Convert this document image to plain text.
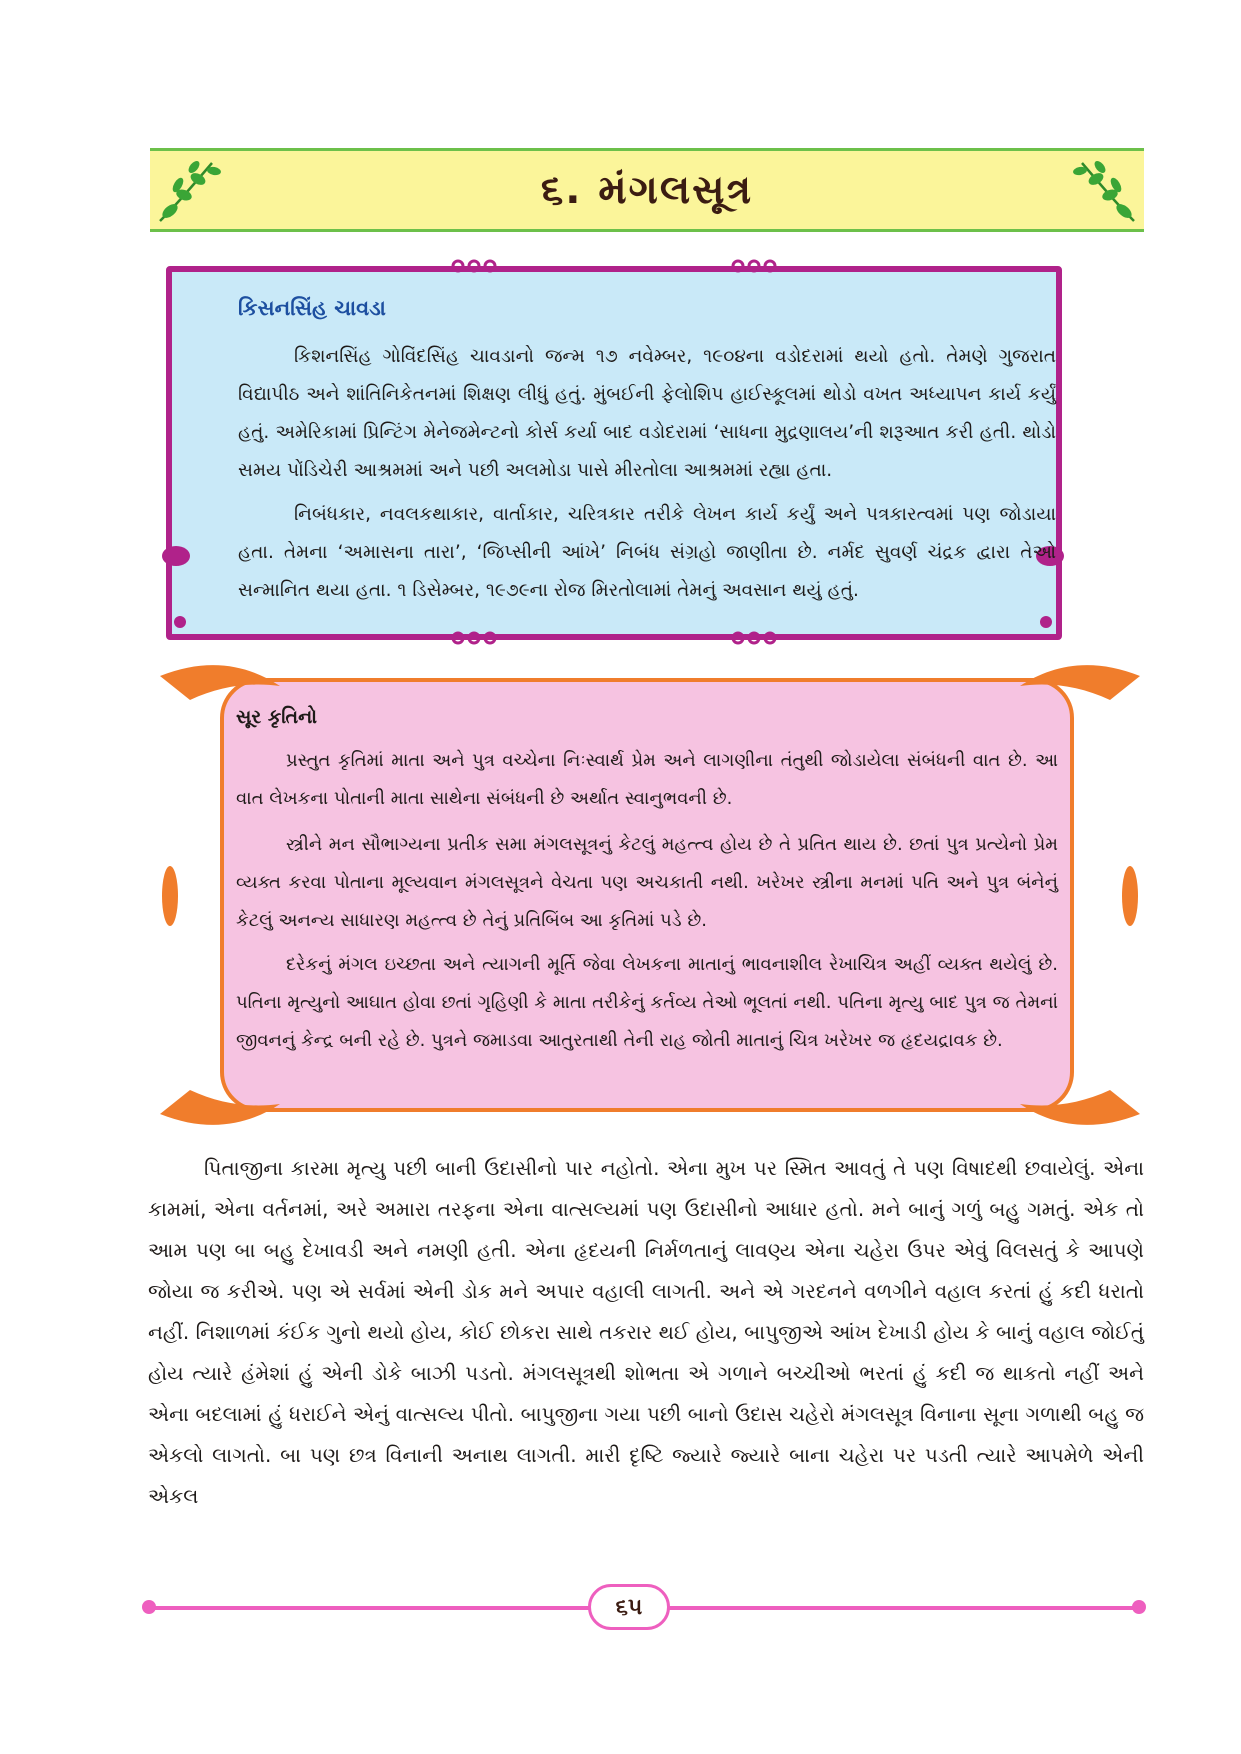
૬. મંગલસૂત્ર
કિસનસિંહ ચાવડા

કિશનસિંહ ગોવિંદસિંહ ચાવડાનો જન્મ ૧૭ નવેમ્બર, ૧૯૦૪ના વડોદરામાં થયો હતો. તેમણે ગુજરાત વિદ્યાપીઠ અને શાંતિનિકેતનમાં શિક્ષણ લીધું હતું. મુંબઈની ફેલોશિપ હાઈસ્કૂલમાં થોડો વખત અધ્યાપન કાર્ય કર્યું હતું. અમેરિકામાં પ્રિન્ટિંગ મેનેજમેન્ટનો કોર્સ કર્યા બાદ વડોદરામાં ‘સાધના મુદ્રણાલય’ની શરૂઆત કરી હતી. થોડો સમય પોંડિચેરી આશ્રમમાં અને પછી અલમોડા પાસે મીરતોલા આશ્રમમાં રહ્યા હતા.

નિબંધકાર, નવલકથાકાર, વાર્તાકાર, ચરિત્રકાર તરીકે લેખન કાર્ય કર્યું અને પત્રકારત્વમાં પણ જોડાયા હતા. તેમના ‘અમાસના તારા’, ‘જિપ્સીની આંખે’ નિબંધ સંગ્રહો જાણીતા છે. નર્મદ સુવર્ણ ચંદ્રક દ્વારા તેઓ સન્માનિત થયા હતા. ૧ ડિસેમ્બર, ૧૯૭૯ના રોજ મિરતોલામાં તેમનું અવસાન થયું હતું.

સૂર કૃતિનો

પ્રસ્તુત કૃતિમાં માતા અને પુત્ર વચ્ચેના નિઃસ્વાર્થ પ્રેમ અને લાગણીના તંતુથી જોડાયેલા સંબંધની વાત છે. આ વાત લેખકના પોતાની માતા સાથેના સંબંધની છે અર્થાત સ્વાનુભવની છે.

સ્ત્રીને મન સૌભાગ્યના પ્રતીક સમા મંગલસૂત્રનું કેટલું મહત્ત્વ હોય છે તે પ્રતિત થાય છે. છતાં પુત્ર પ્રત્યેનો પ્રેમ વ્યક્ત કરવા પોતાના મૂલ્યવાન મંગલસૂત્રને વેચતા પણ અચકાતી નથી. ખરેખર સ્ત્રીના મનમાં પતિ અને પુત્ર બંનેનું કેટલું અનન્ય સાધારણ મહત્ત્વ છે તેનું પ્રતિબિંબ આ કૃતિમાં પડે છે.

દરેકનું મંગલ ઇચ્છતા અને ત્યાગની મૂર્તિ જેવા લેખકના માતાનું ભાવનાશીલ રેખાચિત્ર અહીં વ્યક્ત થયેલું છે. પતિના મૃત્યુનો આઘાત હોવા છતાં ગૃહિણી કે માતા તરીકેનું કર્તવ્ય તેઓ ભૂલતાં નથી. પતિના મૃત્યુ બાદ પુત્ર જ તેમનાં જીવનનું કેન્દ્ર બની રહે છે. પુત્રને જમાડવા આતુરતાથી તેની રાહ જોતી માતાનું ચિત્ર ખરેખર જ હૃદયદ્રાવક છે.

પિતાજીના કારમા મૃત્યુ પછી બાની ઉદાસીનો પાર નહોતો. એના મુખ પર સ્મિત આવતું તે પણ વિષાદથી છવાયેલું. એના કામમાં, એના વર્તનમાં, અરે અમારા તરફના એના વાત્સલ્યમાં પણ ઉદાસીનો આધાર હતો. મને બાનું ગળું બહુ ગમતું. એક તો આમ પણ બા બહુ દેખાવડી અને નમણી હતી. એના હૃદયની નિર્મળતાનું લાવણ્ય એના ચહેરા ઉપર એવું વિલસતું કે આપણે જોયા જ કરીએ. પણ એ સર્વમાં એની ડોક મને અપાર વહાલી લાગતી. અને એ ગરદનને વળગીને વહાલ કરતાં હું કદી ધરાતો નહીં. નિશાળમાં કંઈક ગુનો થયો હોય, કોઈ છોકરા સાથે તકરાર થઈ હોય, બાપુજીએ આંખ દેખાડી હોય કે બાનું વહાલ જોઈતું હોય ત્યારે હંમેશાં હું એની ડોકે બાઝી પડતો. મંગલસૂત્રથી શોભતા એ ગળાને બચ્ચીઓ ભરતાં હું કદી જ થાકતો નહીં અને એના બદલામાં હું ધરાઈને એનું વાત્સલ્ય પીતો. બાપુજીના ગયા પછી બાનો ઉદાસ ચહેરો મંગલસૂત્ર વિનાના સૂના ગળાથી બહુ જ એકલો લાગતો. બા પણ છત્ર વિનાની અનાથ લાગતી. મારી દૃષ્ટિ જ્યારે જ્યારે બાના ચહેરા પર પડતી ત્યારે આપમેળે એની એકલ

૬૫
